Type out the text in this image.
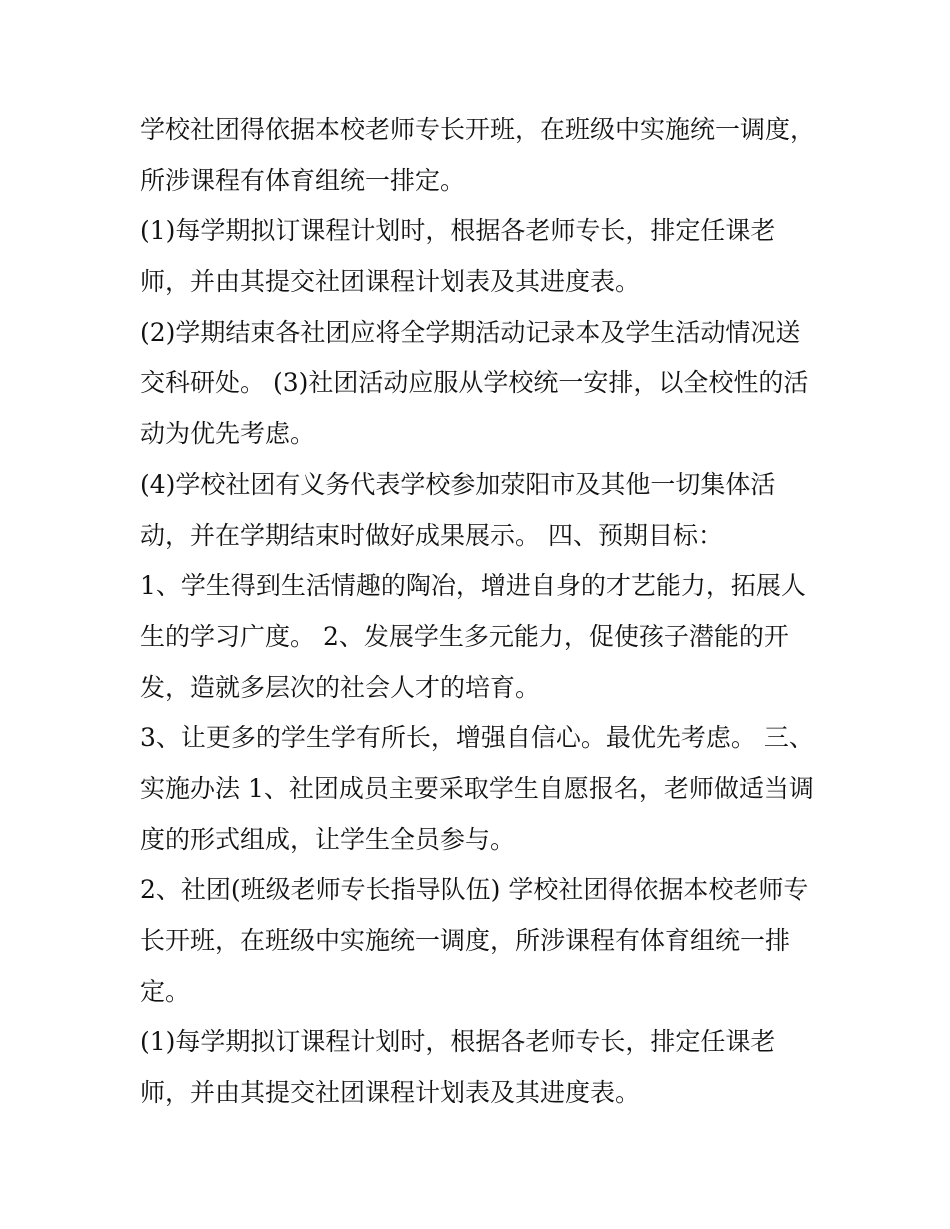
学校社团得依据本校老师专长开班，在班级中实施统一调度，
所涉课程有体育组统一排定。
(1)每学期拟订课程计划时，根据各老师专长，排定任课老
师，并由其提交社团课程计划表及其进度表。
(2)学期结束各社团应将全学期活动记录本及学生活动情况送
交科研处。 (3)社团活动应服从学校统一安排，以全校性的活
动为优先考虑。
(4)学校社团有义务代表学校参加荥阳市及其他一切集体活
动，并在学期结束时做好成果展示。 四、预期目标：
1、学生得到生活情趣的陶冶，增进自身的才艺能力，拓展人
生的学习广度。 2、发展学生多元能力，促使孩子潜能的开
发，造就多层次的社会人才的培育。
3、让更多的学生学有所长，增强自信心。最优先考虑。 三、
实施办法 1、社团成员主要采取学生自愿报名，老师做适当调
度的形式组成，让学生全员参与。
2、社团(班级老师专长指导队伍) 学校社团得依据本校老师专
长开班，在班级中实施统一调度，所涉课程有体育组统一排
定。
(1)每学期拟订课程计划时，根据各老师专长，排定任课老
师，并由其提交社团课程计划表及其进度表。
